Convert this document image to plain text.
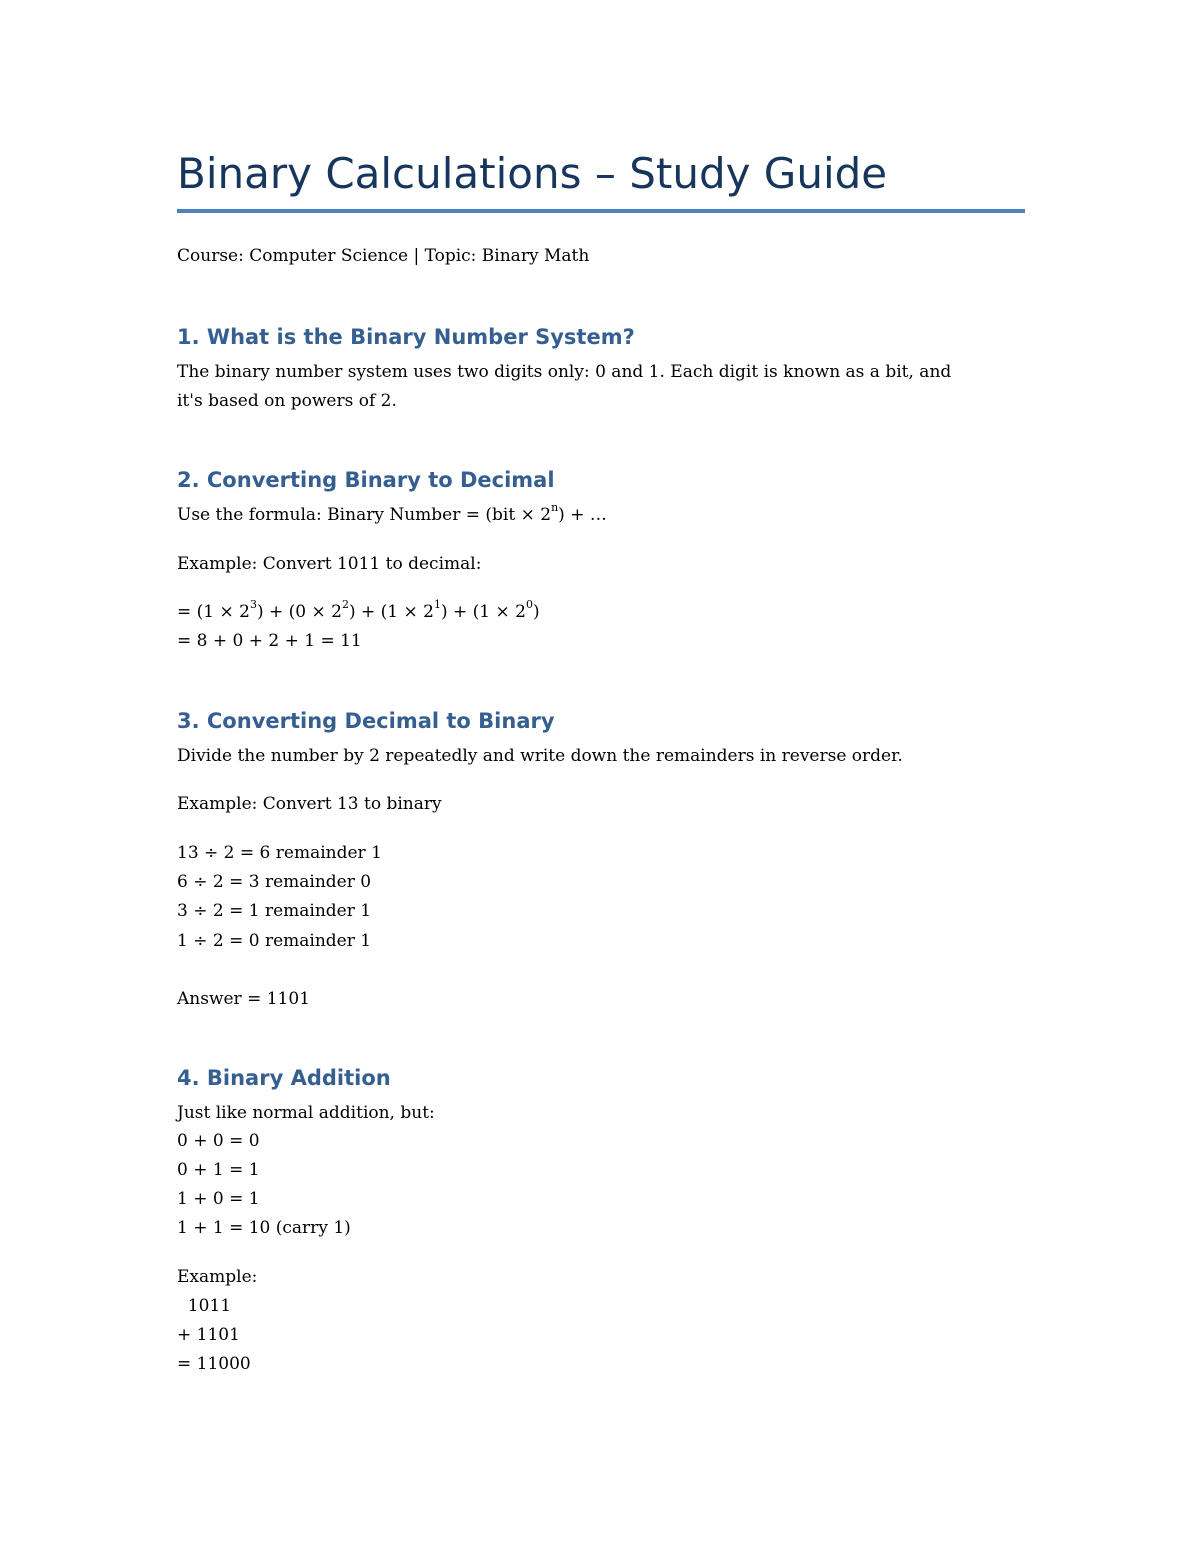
Binary Calculations – Study Guide
Course: Computer Science | Topic: Binary Math
1. What is the Binary Number System?
The binary number system uses two digits only: 0 and 1. Each digit is known as a bit, and
it's based on powers of 2.
2. Converting Binary to Decimal
Use the formula: Binary Number = $(bit \times 2^n)$ + …
Example: Convert 1011 to decimal:
= $(1 \times 2^3) + (0 \times 2^2) + (1 \times 2^1) + (1 \times 2^0)$
= 8 + 0 + 2 + 1 = 11
3. Converting Decimal to Binary
Divide the number by 2 repeatedly and write down the remainders in reverse order.
Example: Convert 13 to binary
13 ÷ 2 = 6 remainder 1
6 ÷ 2 = 3 remainder 0
3 ÷ 2 = 1 remainder 1
1 ÷ 2 = 0 remainder 1
Answer = 1101
4. Binary Addition
Just like normal addition, but:
0 + 0 = 0
0 + 1 = 1
1 + 0 = 1
1 + 1 = 10 (carry 1)
Example:
1011
+ 1101
= 11000
